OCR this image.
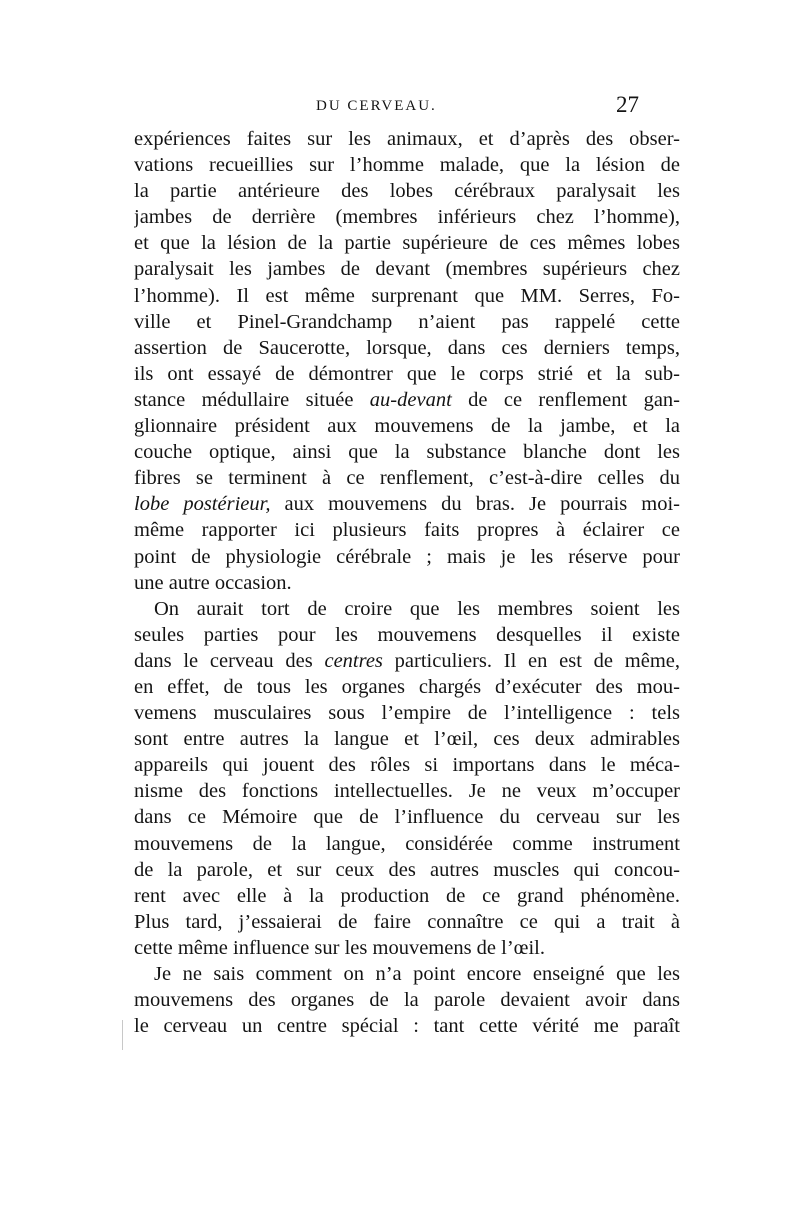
DU CERVEAU.	27
expériences faites sur les animaux, et d’après des obser-
vations recueillies sur l’homme malade, que la lésion de
la partie antérieure des lobes cérébraux paralysait les
jambes de derrière (membres inférieurs chez l’homme),
et que la lésion de la partie supérieure de ces mêmes lobes
paralysait les jambes de devant (membres supérieurs chez
l’homme). Il est même surprenant que MM. Serres, Fo-
ville et Pinel-Grandchamp n’aient pas rappelé cette
assertion de Saucerotte, lorsque, dans ces derniers temps,
ils ont essayé de démontrer que le corps strié et la sub-
stance médullaire située au-devant de ce renflement gan-
glionnaire président aux mouvemens de la jambe, et la
couche optique, ainsi que la substance blanche dont les
fibres se terminent à ce renflement, c’est-à-dire celles du
lobe postérieur, aux mouvemens du bras. Je pourrais moi-
même rapporter ici plusieurs faits propres à éclairer ce
point de physiologie cérébrale ; mais je les réserve pour
une autre occasion.
On aurait tort de croire que les membres soient les
seules parties pour les mouvemens desquelles il existe
dans le cerveau des centres particuliers. Il en est de même,
en effet, de tous les organes chargés d’exécuter des mou-
vemens musculaires sous l’empire de l’intelligence : tels
sont entre autres la langue et l’œil, ces deux admirables
appareils qui jouent des rôles si importans dans le méca-
nisme des fonctions intellectuelles. Je ne veux m’occuper
dans ce Mémoire que de l’influence du cerveau sur les
mouvemens de la langue, considérée comme instrument
de la parole, et sur ceux des autres muscles qui concou-
rent avec elle à la production de ce grand phénomène.
Plus tard, j’essaierai de faire connaître ce qui a trait à
cette même influence sur les mouvemens de l’œil.
Je ne sais comment on n’a point encore enseigné que les
mouvemens des organes de la parole devaient avoir dans
le cerveau un centre spécial : tant cette vérité me paraît
